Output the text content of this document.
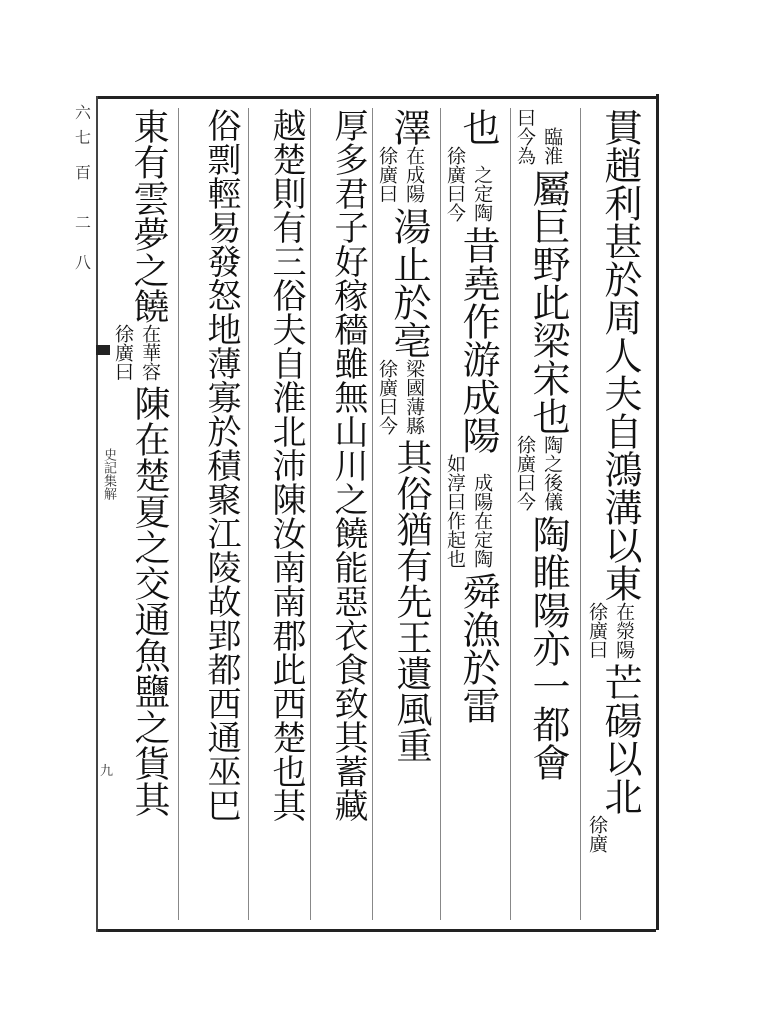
六
七
百
二
八
史記集解
九
貫趙利甚於周人夫自鴻溝以東
徐廣曰 在滎陽
芒碭以北
徐廣
曰今為 臨淮
屬巨野此梁宋也
徐廣曰今 陶之後儀
陶睢陽亦一都會
也
徐廣曰今 之定陶
昔堯作游成陽
如淳曰作起也 成陽在定陶
舜漁於雷
澤
徐廣曰 在成陽
湯止於亳
徐廣曰今 梁國薄縣
其俗猶有先王遺風重
厚多君子好稼穡雖無山川之饒能惡衣食致其蓄藏
越楚則有三俗夫自淮北沛陳汝南南郡此西楚也其
俗剽輕易發怒地薄寡於積聚江陵故郢都西通巫巴
東有雲夢之饒
徐廣曰 在華容
陳在楚夏之交通魚鹽之貨其
